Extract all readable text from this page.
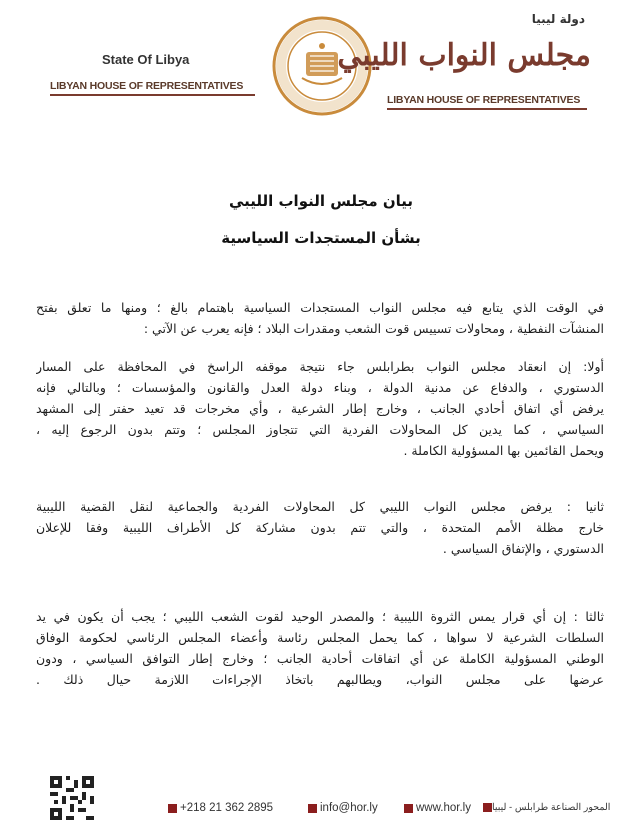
State Of Libya
LIBYAN HOUSE OF REPRESENTATIVES
دولة ليبيا
مجلس النواب الليبي
LIBYAN HOUSE OF REPRESENTATIVES
بيان مجلس النواب الليبي
بشأن المستجدات السياسية
في الوقت الذي يتابع فيه مجلس النواب المستجدات السياسية باهتمام بالغ ؛ ومنها ما تعلق بفتح
المنشآت النفطية ، ومحاولات تسييس قوت الشعب ومقدرات البلاد ؛ فإنه يعرب عن الآتي :
أولا: إن انعقاد مجلس النواب بطرابلس جاء نتيجة موقفه الراسخ في المحافظة على المسار
الدستوري ، والدفاع عن مدنية الدولة ، وبناء دولة العدل والقانون والمؤسسات ؛ وبالتالي فإنه
يرفض أي اتفاق أحادي الجانب ، وخارج إطار الشرعية ، وأي مخرجات قد تعيد حفتر إلى المشهد
السياسي ، كما يدين كل المحاولات الفردية التي تتجاوز المجلس ؛ وتتم بدون الرجوع إليه ،
ويحمل القائمين بها المسؤولية الكاملة .
ثانيا : يرفض مجلس النواب الليبي كل المحاولات الفردية والجماعية لنقل القضية الليبية
خارج مظلة الأمم المتحدة ، والتي تتم بدون مشاركة كل الأطراف الليبية وفقا للإعلان
الدستوري ، والإتفاق السياسي .
ثالثا : إن أي قرار يمس الثروة الليبية ؛ والمصدر الوحيد لقوت الشعب الليبي ؛ يجب أن يكون في يد
السلطات الشرعية لا سواها ، كما يحمل المجلس رئاسة وأعضاء المجلس الرئاسي لحكومة الوفاق
الوطني المسؤولية الكاملة عن أي اتفاقات أحادية الجانب ؛ وخارج إطار التوافق السياسي ، ودون
عرضها على مجلس النواب، ويطالبهم باتخاذ الإجراءات اللازمة حيال ذلك .
+218 21 362 2895	info@hor.ly	www.hor.ly المحور الصناعة طرابلس - ليبيا
